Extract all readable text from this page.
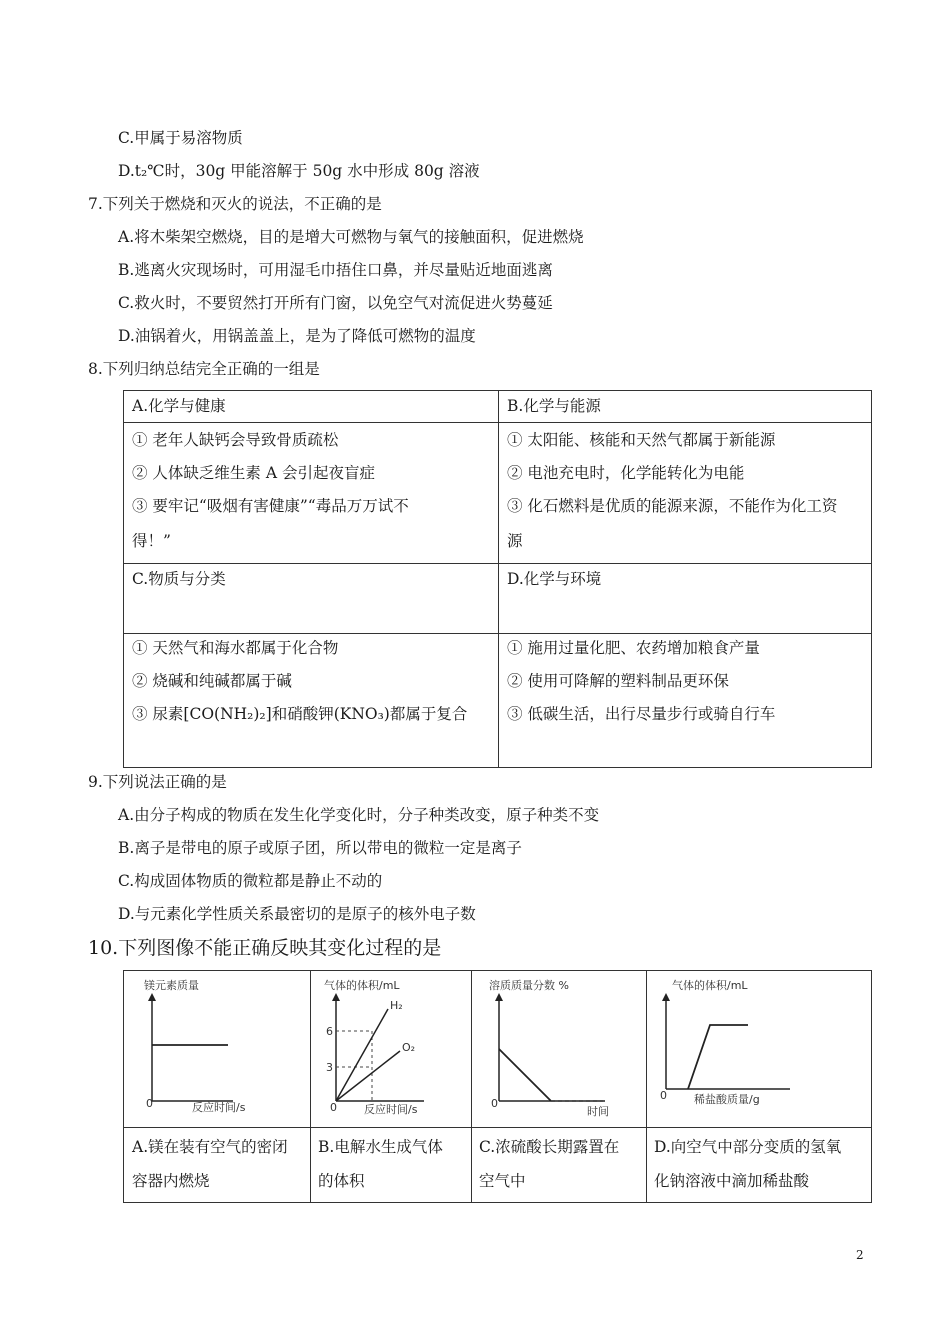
C.甲属于易溶物质
D.t₂℃时，30g 甲能溶解于 50g 水中形成 80g 溶液
7.下列关于燃烧和灭火的说法，不正确的是
A.将木柴架空燃烧，目的是增大可燃物与氧气的接触面积，促进燃烧
B.逃离火灾现场时，可用湿毛巾捂住口鼻，并尽量贴近地面逃离
C.救火时，不要贸然打开所有门窗，以免空气对流促进火势蔓延
D.油锅着火，用锅盖盖上，是为了降低可燃物的温度
8.下列归纳总结完全正确的一组是
A.化学与健康
① 老年人缺钙会导致骨质疏松
② 人体缺乏维生素 A 会引起夜盲症
③ 要牢记“吸烟有害健康”“毒品万万试不
得！”
B.化学与能源
① 太阳能、核能和天然气都属于新能源
② 电池充电时，化学能转化为电能
③ 化石燃料是优质的能源来源，不能作为化工资
源
C.物质与分类
① 天然气和海水都属于化合物
② 烧碱和纯碱都属于碱
③ 尿素[CO(NH₂)₂]和硝酸钾(KNO₃)都属于复合
D.化学与环境
① 施用过量化肥、农药增加粮食产量
② 使用可降解的塑料制品更环保
③ 低碳生活，出行尽量步行或骑自行车
9.下列说法正确的是
A.由分子构成的物质在发生化学变化时，分子种类改变，原子种类不变
B.离子是带电的原子或原子团，所以带电的微粒一定是离子
C.构成固体物质的微粒都是静止不动的
D.与元素化学性质关系最密切的是原子的核外电子数
10.下列图像不能正确反映其变化过程的是
镁元素质量
0	反应时间/s
气体的体积/mL
6
3
H₂
O₂
0 反应时间/s
溶质质量分数 %
0
时间
气体的体积/mL
0 稀盐酸质量/g
A.镁在装有空气的密闭
容器内燃烧
B.电解水生成气体
的体积
C.浓硫酸长期露置在
空气中
D.向空气中部分变质的氢氧
化钠溶液中滴加稀盐酸
2
